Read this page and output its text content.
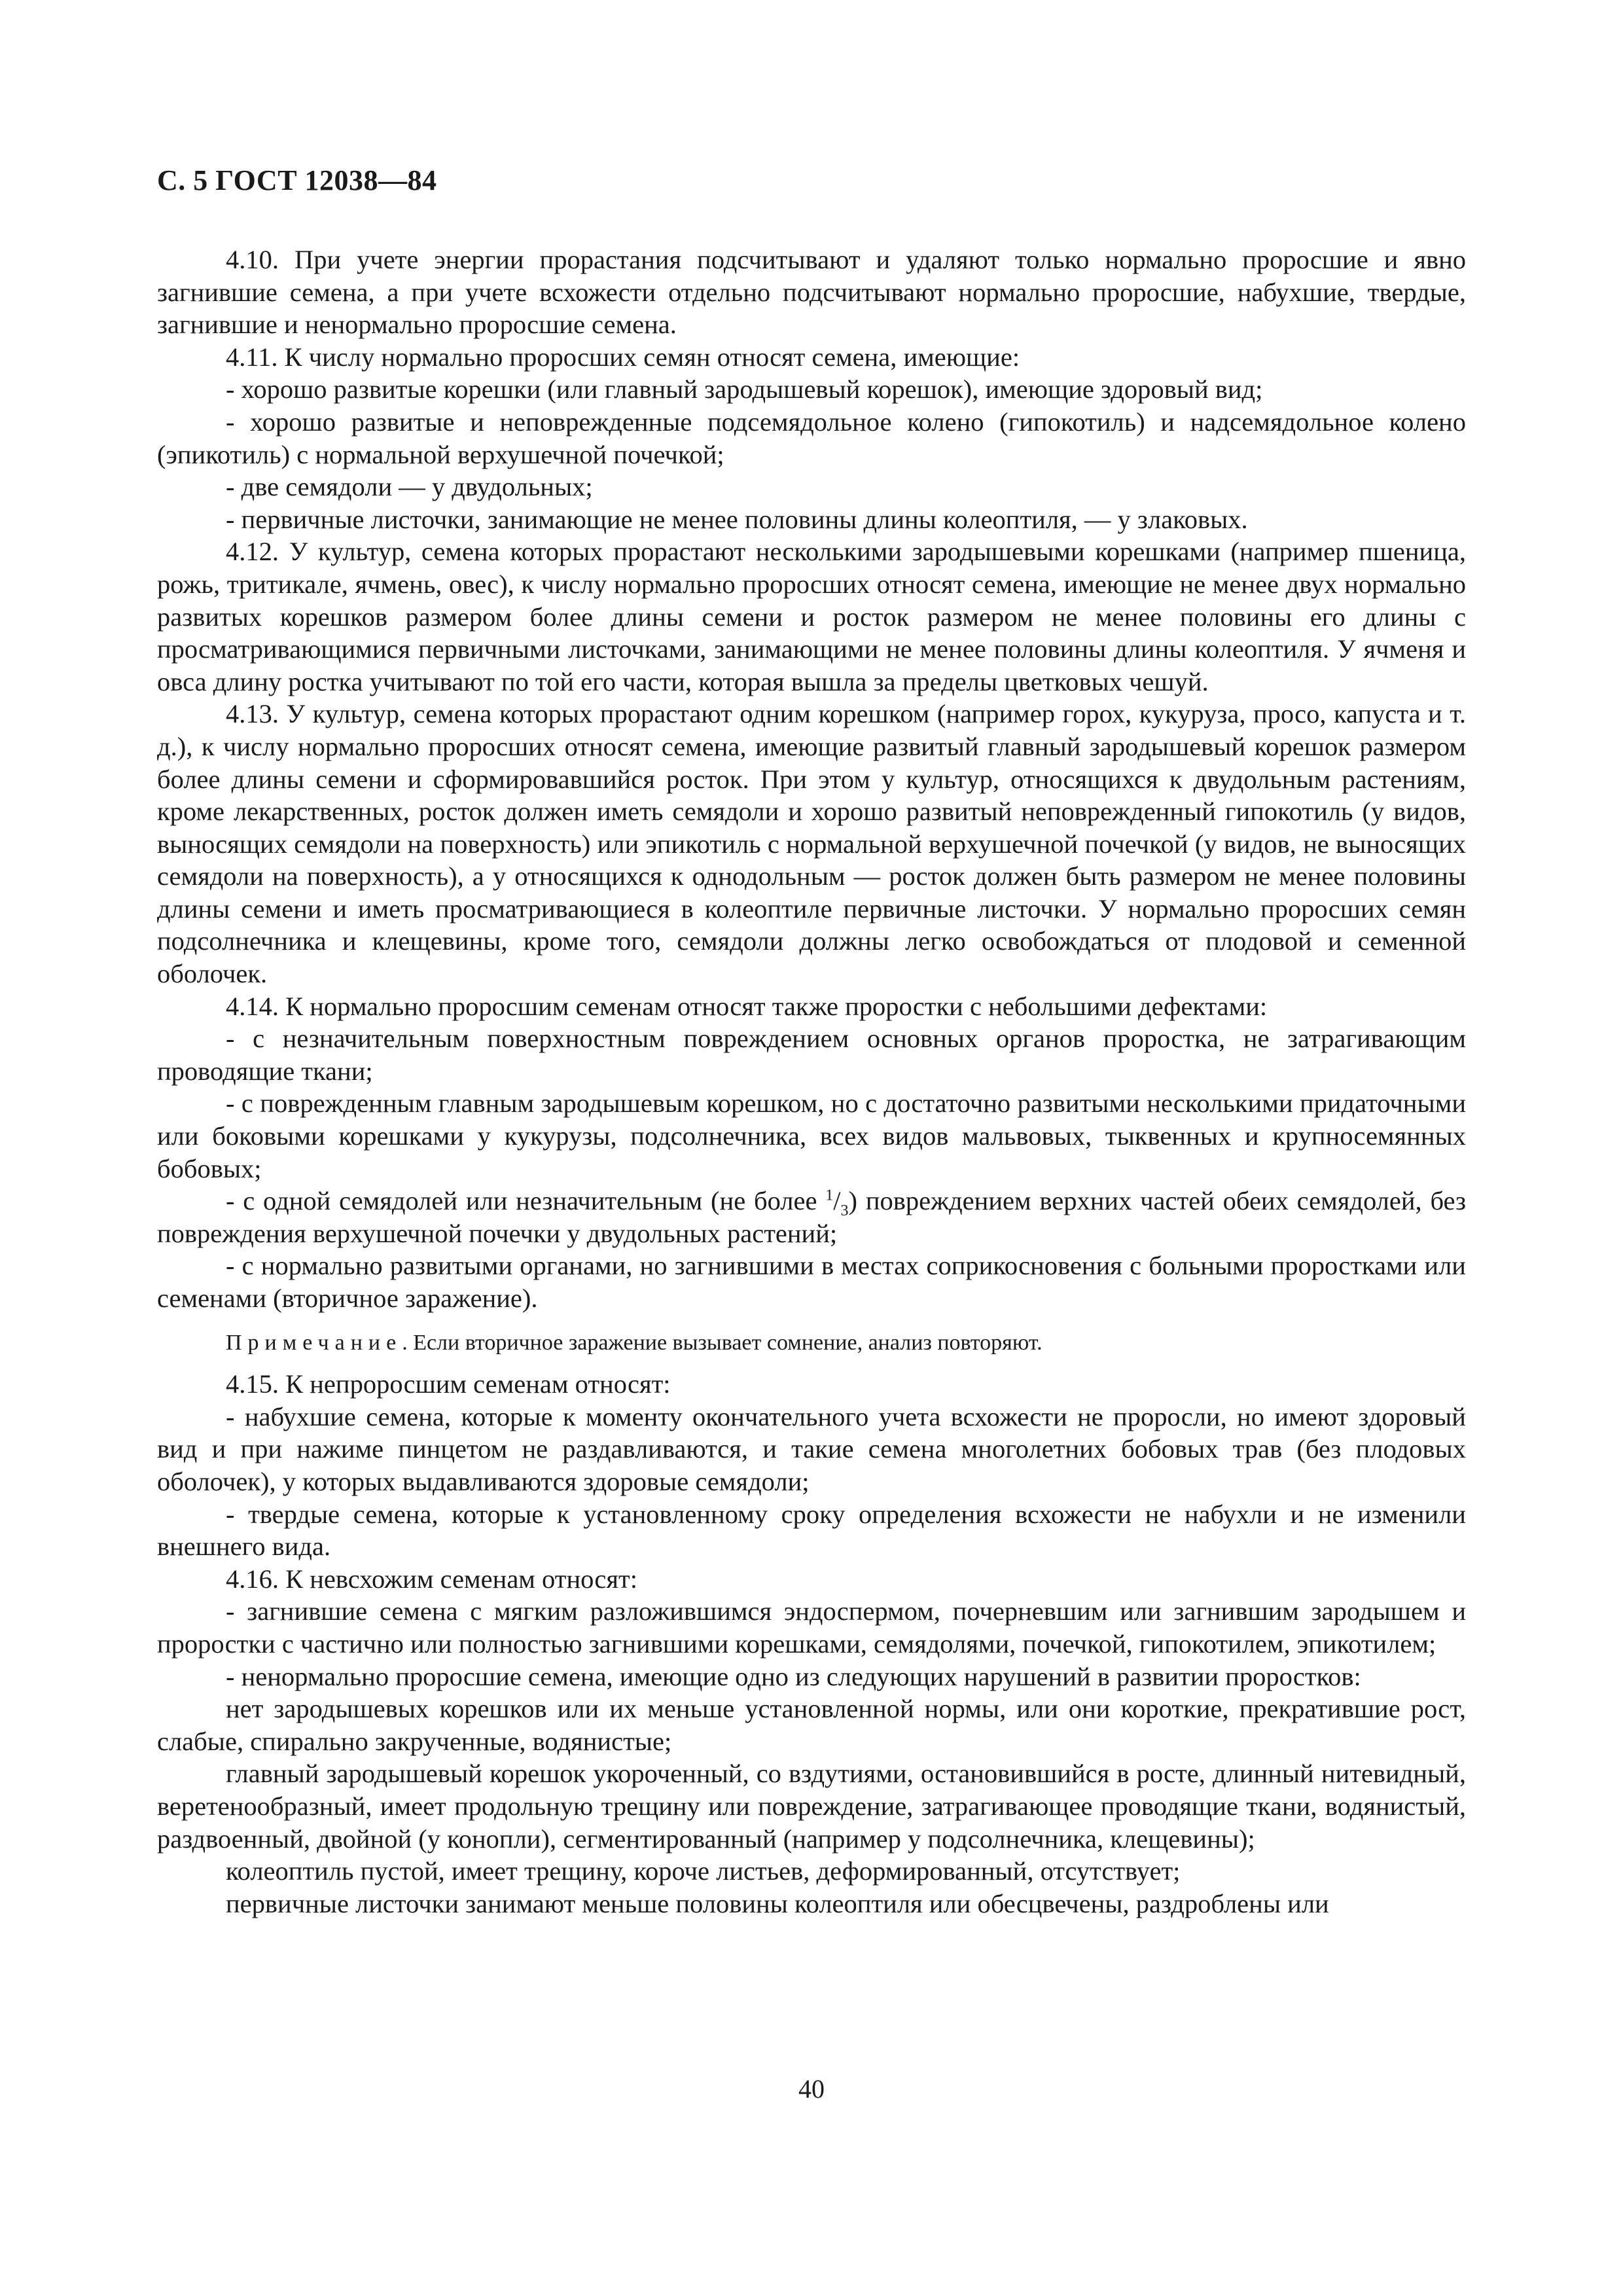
С. 5 ГОСТ 12038—84

4.10. При учете энергии прорастания подсчитывают и удаляют только нормально проросшие и явно загнившие семена, а при учете всхожести отдельно подсчитывают нормально проросшие, набухшие, твердые, загнившие и ненормально проросшие семена.

4.11. К числу нормально проросших семян относят семена, имеющие:

- хорошо развитые корешки (или главный зародышевый корешок), имеющие здоровый вид;

- хорошо развитые и неповрежденные подсемядольное колено (гипокотиль) и надсемядольное колено (эпикотиль) с нормальной верхушечной почечкой;

- две семядоли — у двудольных;

- первичные листочки, занимающие не менее половины длины колеоптиля, — у злаковых.

4.12. У культур, семена которых прорастают несколькими зародышевыми корешками (например пшеница, рожь, тритикале, ячмень, овес), к числу нормально проросших относят семена, имеющие не менее двух нормально развитых корешков размером более длины семени и росток размером не менее половины его длины с просматривающимися первичными листочками, занимающими не менее половины длины колеоптиля. У ячменя и овса длину ростка учитывают по той его части, которая вышла за пределы цветковых чешуй.

4.13. У культур, семена которых прорастают одним корешком (например горох, кукуруза, просо, капуста и т. д.), к числу нормально проросших относят семена, имеющие развитый главный зародышевый корешок размером более длины семени и сформировавшийся росток. При этом у культур, относящихся к двудольным растениям, кроме лекарственных, росток должен иметь семядоли и хорошо развитый неповрежденный гипокотиль (у видов, выносящих семядоли на поверхность) или эпикотиль с нормальной верхушечной почечкой (у видов, не выносящих семядоли на поверхность), а у относящихся к однодольным — росток должен быть размером не менее половины длины семени и иметь просматривающиеся в колеоптиле первичные листочки. У нормально проросших семян подсолнечника и клещевины, кроме того, семядоли должны легко освобождаться от плодовой и семенной оболочек.

4.14. К нормально проросшим семенам относят также проростки с небольшими дефектами:

- с незначительным поверхностным повреждением основных органов проростка, не затрагивающим проводящие ткани;

- с поврежденным главным зародышевым корешком, но с достаточно развитыми несколькими придаточными или боковыми корешками у кукурузы, подсолнечника, всех видов мальвовых, тыквенных и крупносемянных бобовых;

- с одной семядолей или незначительным (не более $^1/_3$) повреждением верхних частей обеих семядолей, без повреждения верхушечной почечки у двудольных растений;

- с нормально развитыми органами, но загнившими в местах соприкосновения с больными проростками или семенами (вторичное заражение).

Примечание. Если вторичное заражение вызывает сомнение, анализ повторяют.

4.15. К непроросшим семенам относят:

- набухшие семена, которые к моменту окончательного учета всхожести не проросли, но имеют здоровый вид и при нажиме пинцетом не раздавливаются, и такие семена многолетних бобовых трав (без плодовых оболочек), у которых выдавливаются здоровые семядоли;

- твердые семена, которые к установленному сроку определения всхожести не набухли и не изменили внешнего вида.

4.16. К невсхожим семенам относят:

- загнившие семена с мягким разложившимся эндоспермом, почерневшим или загнившим зародышем и проростки с частично или полностью загнившими корешками, семядолями, почечкой, гипокотилем, эпикотилем;

- ненормально проросшие семена, имеющие одно из следующих нарушений в развитии проростков:

нет зародышевых корешков или их меньше установленной нормы, или они короткие, прекратившие рост, слабые, спирально закрученные, водянистые;

главный зародышевый корешок укороченный, со вздутиями, остановившийся в росте, длинный нитевидный, веретенообразный, имеет продольную трещину или повреждение, затрагивающее проводящие ткани, водянистый, раздвоенный, двойной (у конопли), сегментированный (например у подсолнечника, клещевины);

колеоптиль пустой, имеет трещину, короче листьев, деформированный, отсутствует;

первичные листочки занимают меньше половины колеоптиля или обесцвечены, раздроблены или

40
